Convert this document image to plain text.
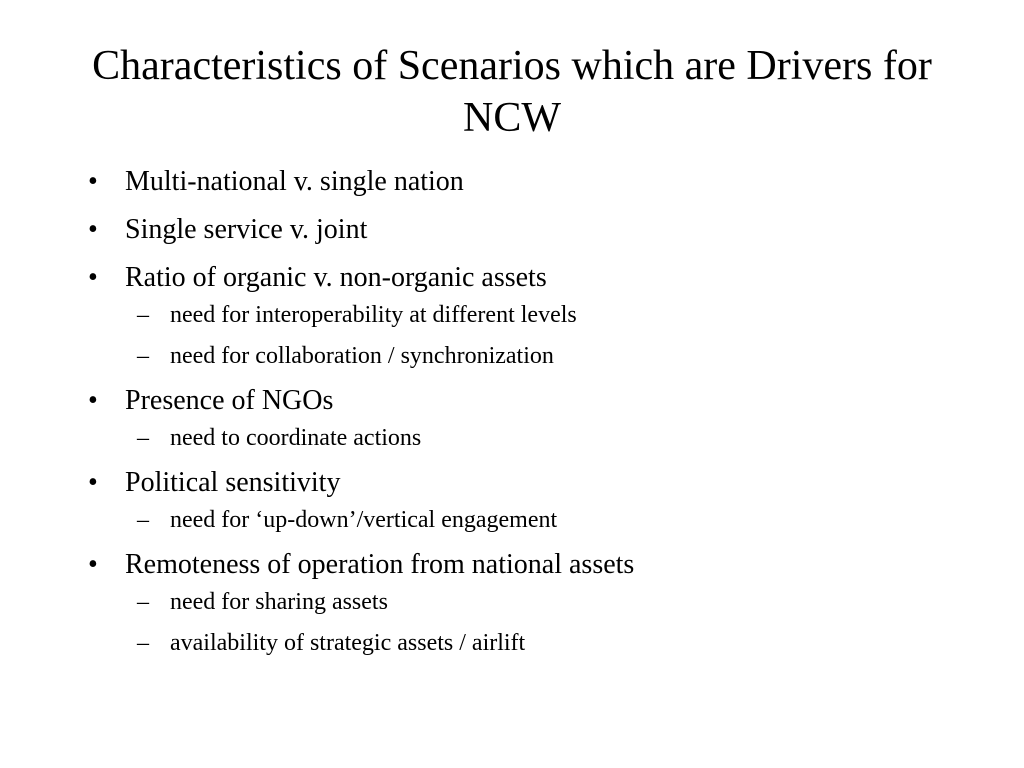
Characteristics of Scenarios which are Drivers for NCW
• Multi-national v. single nation
• Single service v. joint
• Ratio of organic v. non-organic assets
– need for interoperability at different levels
– need for collaboration / synchronization
• Presence of NGOs
– need to coordinate actions
• Political sensitivity
– need for ‘up-down’/vertical engagement
• Remoteness of operation from national assets
– need for sharing assets
– availability of strategic assets / airlift
